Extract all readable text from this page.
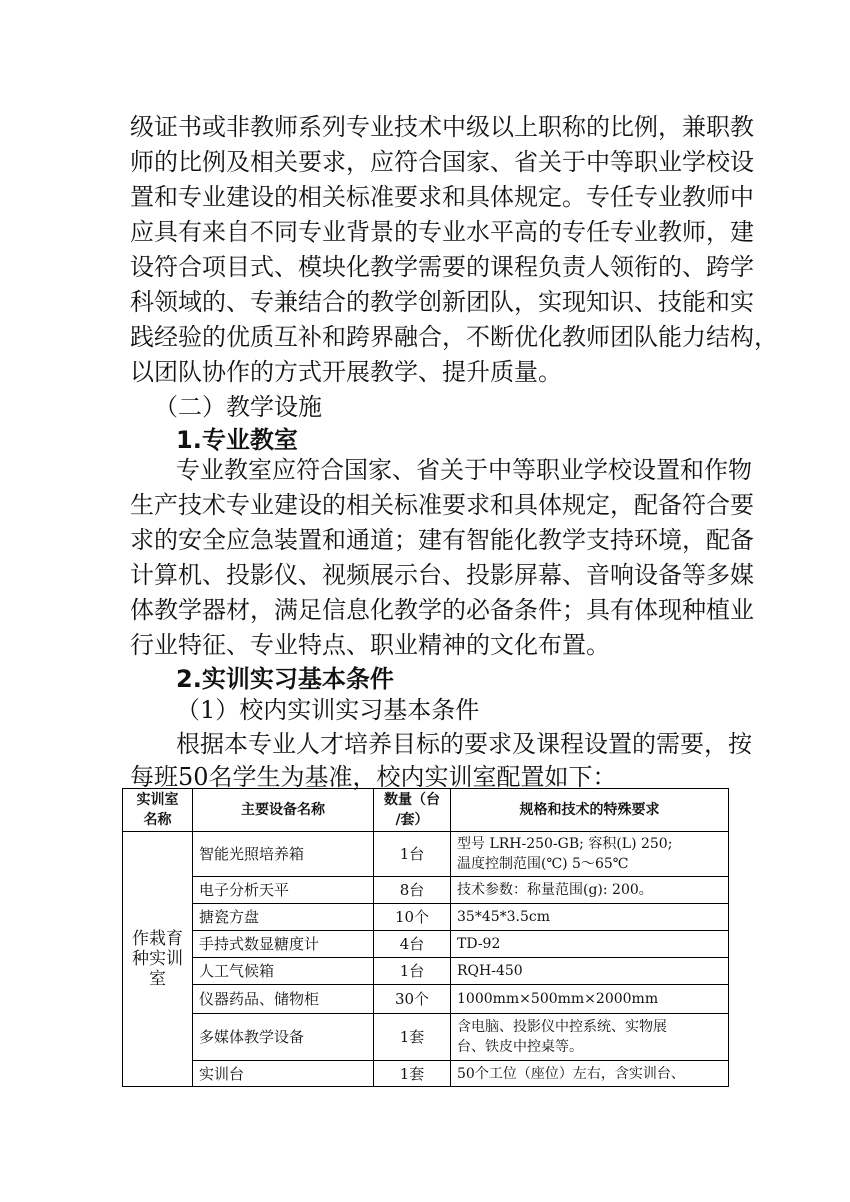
级证书或非教师系列专业技术中级以上职称的比例，兼职教
师的比例及相关要求，应符合国家、省关于中等职业学校设
置和专业建设的相关标准要求和具体规定。专任专业教师中
应具有来自不同专业背景的专业水平高的专任专业教师，建
设符合项目式、模块化教学需要的课程负责人领衔的、跨学
科领域的、专兼结合的教学创新团队，实现知识、技能和实
践经验的优质互补和跨界融合，不断优化教师团队能力结构，
以团队协作的方式开展教学、提升质量。
（二）教学设施
1.专业教室
专业教室应符合国家、省关于中等职业学校设置和作物
生产技术专业建设的相关标准要求和具体规定，配备符合要
求的安全应急装置和通道；建有智能化教学支持环境，配备
计算机、投影仪、视频展示台、投影屏幕、音响设备等多媒
体教学器材，满足信息化教学的必备条件；具有体现种植业
行业特征、专业特点、职业精神的文化布置。
2.实训实习基本条件
（1）校内实训实习基本条件
根据本专业人才培养目标的要求及课程设置的需要，按
每班50名学生为基准，校内实训室配置如下：
实训室
名称	主要设备名称	数量（台
/套）	规格和技术的特殊要求
作栽育
种实训
室	智能光照培养箱	1台	型号 LRH-250-GB; 容积(L) 250;
温度控制范围(℃) 5～65℃
	电子分析天平	8台	技术参数：称量范围(g): 200。
	搪瓷方盘	10个	35*45*3.5cm
	手持式数显糖度计	4台	TD-92
	人工气候箱	1台	RQH-450
	仪器药品、储物柜	30个	1000mm×500mm×2000mm
	多媒体教学设备	1套	含电脑、投影仪中控系统、实物展
台、铁皮中控桌等。
	实训台	1套	50个工位（座位）左右，含实训台、
